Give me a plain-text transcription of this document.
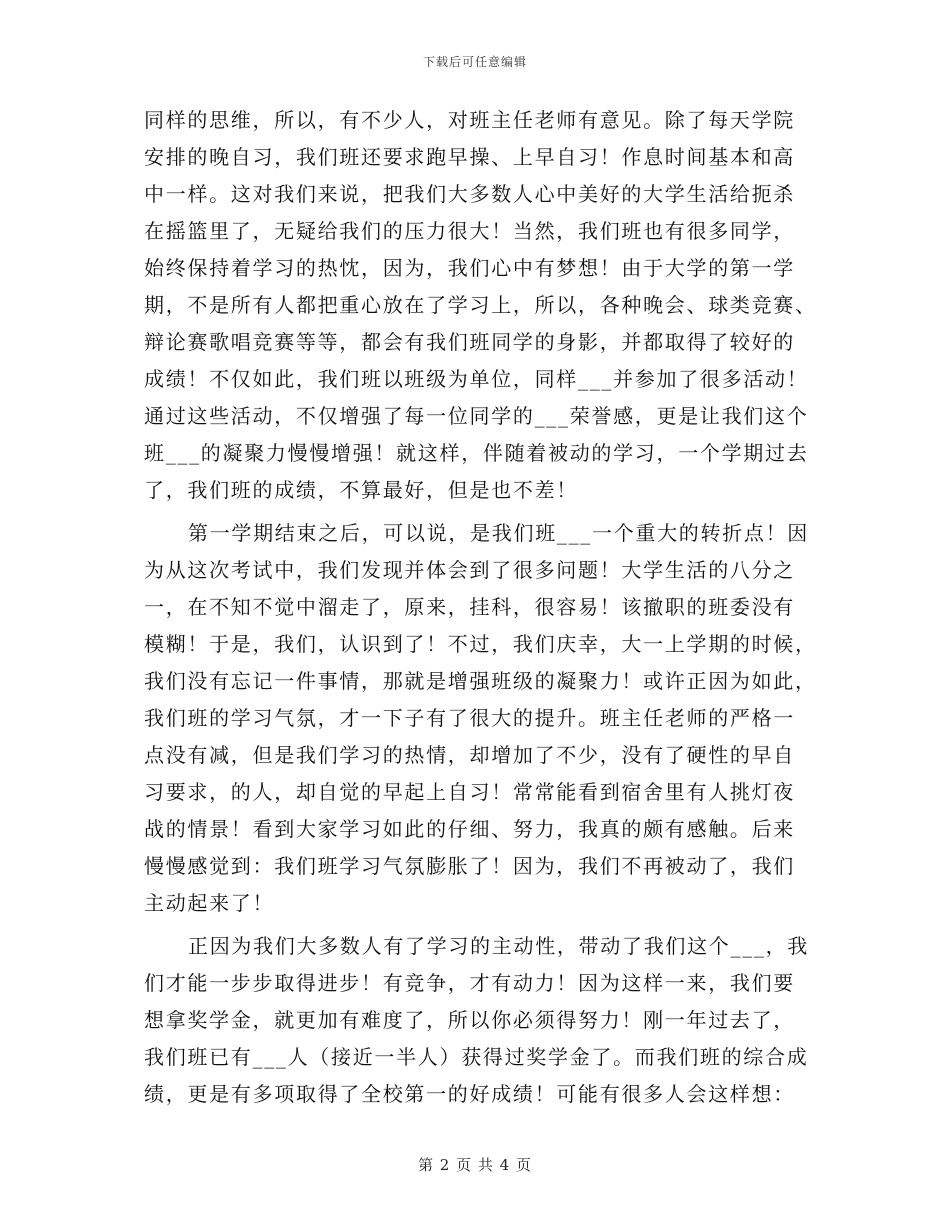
下载后可任意编辑
同样的思维，所以，有不少人，对班主任老师有意见。除了每天学院
安排的晚自习，我们班还要求跑早操、上早自习！作息时间基本和高
中一样。这对我们来说，把我们大多数人心中美好的大学生活给扼杀
在摇篮里了，无疑给我们的压力很大！当然，我们班也有很多同学，
始终保持着学习的热忱，因为，我们心中有梦想！由于大学的第一学
期，不是所有人都把重心放在了学习上，所以，各种晚会、球类竞赛、
辩论赛歌唱竞赛等等，都会有我们班同学的身影，并都取得了较好的
成绩！不仅如此，我们班以班级为单位，同样___并参加了很多活动！
通过这些活动，不仅增强了每一位同学的___荣誉感，更是让我们这个
班___的凝聚力慢慢增强！就这样，伴随着被动的学习，一个学期过去
了，我们班的成绩，不算最好，但是也不差！
第一学期结束之后，可以说，是我们班___一个重大的转折点！因
为从这次考试中，我们发现并体会到了很多问题！大学生活的八分之
一，在不知不觉中溜走了，原来，挂科，很容易！该撤职的班委没有
模糊！于是，我们，认识到了！不过，我们庆幸，大一上学期的时候，
我们没有忘记一件事情，那就是增强班级的凝聚力！或许正因为如此，
我们班的学习气氛，才一下子有了很大的提升。班主任老师的严格一
点没有减，但是我们学习的热情，却增加了不少，没有了硬性的早自
习要求，的人，却自觉的早起上自习！常常能看到宿舍里有人挑灯夜
战的情景！看到大家学习如此的仔细、努力，我真的颇有感触。后来
慢慢感觉到：我们班学习气氛膨胀了！因为，我们不再被动了，我们
主动起来了！
正因为我们大多数人有了学习的主动性，带动了我们这个___，我
们才能一步步取得进步！有竞争，才有动力！因为这样一来，我们要
想拿奖学金，就更加有难度了，所以你必须得努力！刚一年过去了，
我们班已有___人（接近一半人）获得过奖学金了。而我们班的综合成
绩，更是有多项取得了全校第一的好成绩！可能有很多人会这样想：
第 2 页 共 4 页
